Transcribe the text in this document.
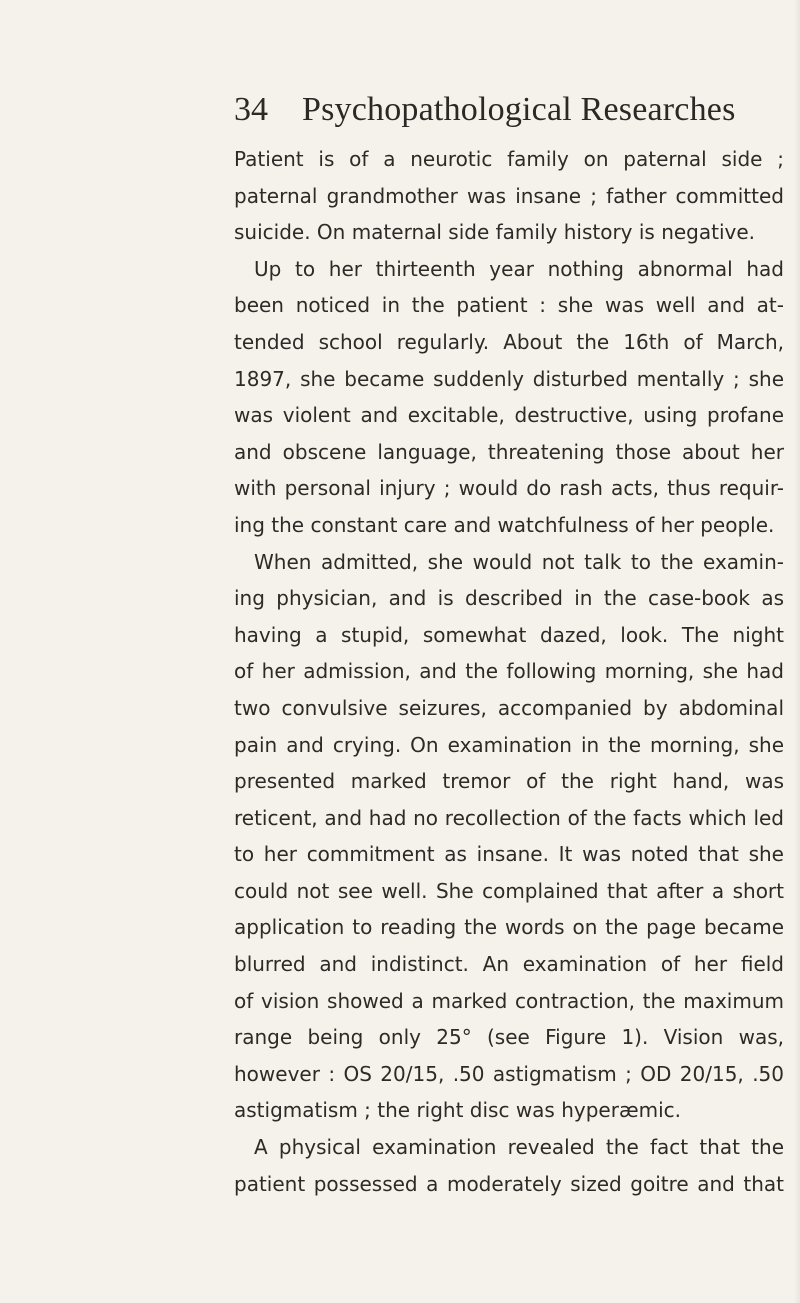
34 Psychopathological Researches
Patient is of a neurotic family on paternal side ;
paternal grandmother was insane ; father committed
suicide. On maternal side family history is negative.
Up to her thirteenth year nothing abnormal had
been noticed in the patient : she was well and at-
tended school regularly. About the 16th of March,
1897, she became suddenly disturbed mentally ; she
was violent and excitable, destructive, using profane
and obscene language, threatening those about her
with personal injury ; would do rash acts, thus requir-
ing the constant care and watchfulness of her people.
When admitted, she would not talk to the examin-
ing physician, and is described in the case-book as
having a stupid, somewhat dazed, look. The night
of her admission, and the following morning, she had
two convulsive seizures, accompanied by abdominal
pain and crying. On examination in the morning, she
presented marked tremor of the right hand, was
reticent, and had no recollection of the facts which led
to her commitment as insane. It was noted that she
could not see well. She complained that after a short
application to reading the words on the page became
blurred and indistinct. An examination of her field
of vision showed a marked contraction, the maximum
range being only 25° (see Figure 1). Vision was,
however : OS 20/15, .50 astigmatism ; OD 20/15, .50
astigmatism ; the right disc was hyperæmic.
A physical examination revealed the fact that the
patient possessed a moderately sized goitre and that
